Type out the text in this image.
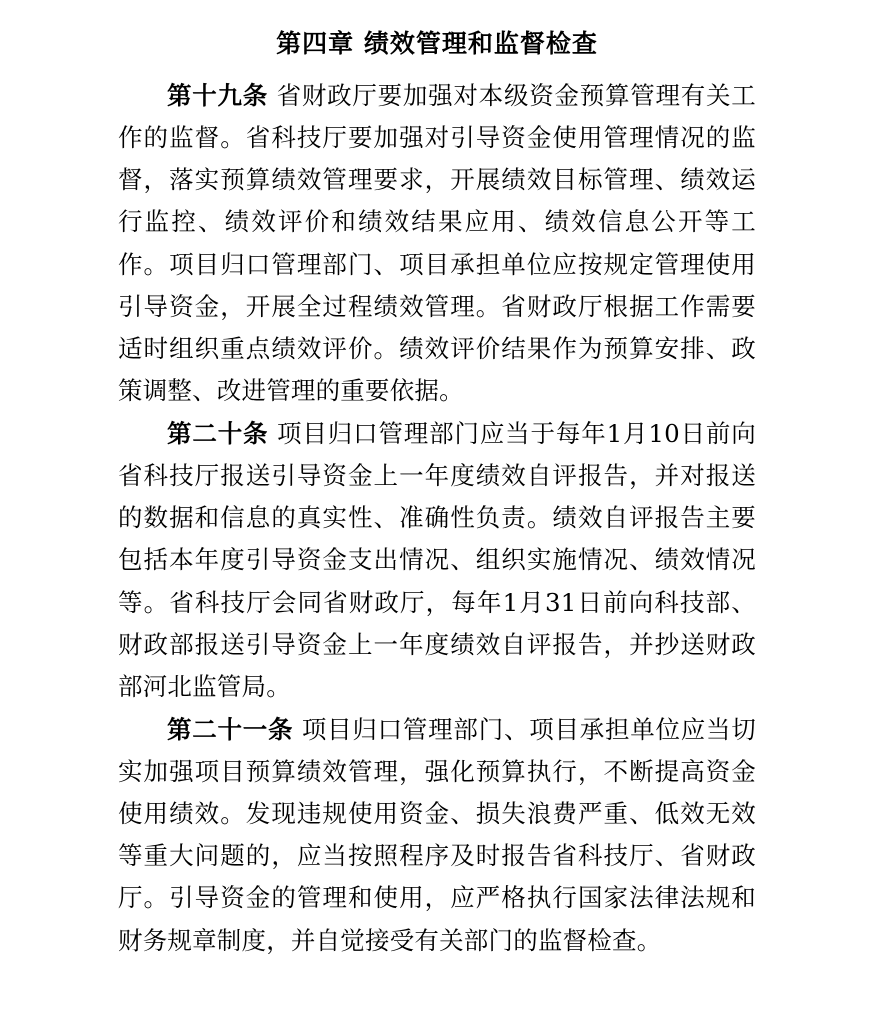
第四章 绩效管理和监督检查

第十九条 省财政厅要加强对本级资金预算管理有关工作的监督。省科技厅要加强对引导资金使用管理情况的监督，落实预算绩效管理要求，开展绩效目标管理、绩效运行监控、绩效评价和绩效结果应用、绩效信息公开等工作。项目归口管理部门、项目承担单位应按规定管理使用引导资金，开展全过程绩效管理。省财政厅根据工作需要适时组织重点绩效评价。绩效评价结果作为预算安排、政策调整、改进管理的重要依据。

第二十条 项目归口管理部门应当于每年1月10日前向省科技厅报送引导资金上一年度绩效自评报告，并对报送的数据和信息的真实性、准确性负责。绩效自评报告主要包括本年度引导资金支出情况、组织实施情况、绩效情况等。省科技厅会同省财政厅，每年1月31日前向科技部、财政部报送引导资金上一年度绩效自评报告，并抄送财政部河北监管局。

第二十一条 项目归口管理部门、项目承担单位应当切实加强项目预算绩效管理，强化预算执行，不断提高资金使用绩效。发现违规使用资金、损失浪费严重、低效无效等重大问题的，应当按照程序及时报告省科技厅、省财政厅。引导资金的管理和使用，应严格执行国家法律法规和财务规章制度，并自觉接受有关部门的监督检查。
